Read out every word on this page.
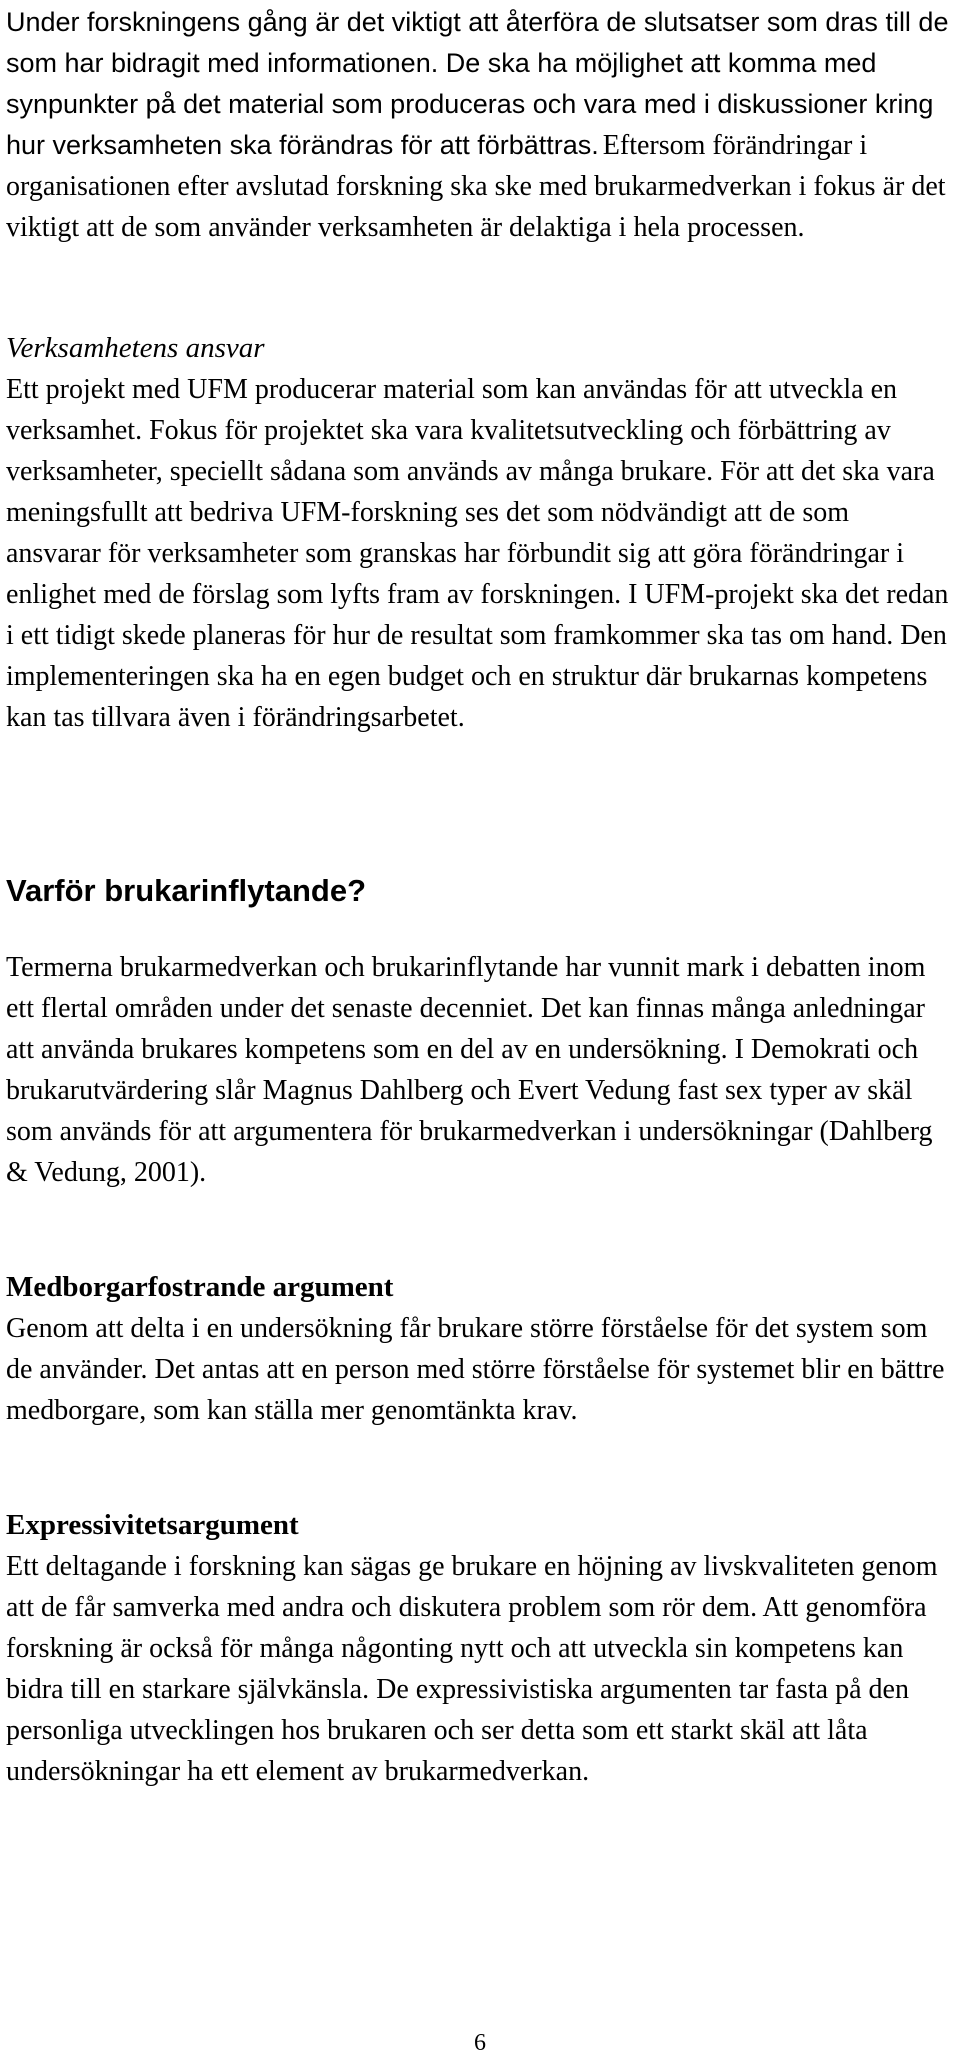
Under forskningens gång är det viktigt att återföra de slutsatser som dras till de som har bidragit med informationen. De ska ha möjlighet att komma med synpunkter på det material som produceras och vara med i diskussioner kring hur verksamheten ska förändras för att förbättras. Eftersom förändringar i organisationen efter avslutad forskning ska ske med brukarmedverkan i fokus är det viktigt att de som använder verksamheten är delaktiga i hela processen.

Verksamhetens ansvar

Ett projekt med UFM producerar material som kan användas för att utveckla en verksamhet. Fokus för projektet ska vara kvalitetsutveckling och förbättring av verksamheter, speciellt sådana som används av många brukare. För att det ska vara meningsfullt att bedriva UFM-forskning ses det som nödvändigt att de som ansvarar för verksamheter som granskas har förbundit sig att göra förändringar i enlighet med de förslag som lyfts fram av forskningen. I UFM-projekt ska det redan i ett tidigt skede planeras för hur de resultat som framkommer ska tas om hand. Den implementeringen ska ha en egen budget och en struktur där brukarnas kompetens kan tas tillvara även i förändringsarbetet.

Varför brukarinflytande?

Termerna brukarmedverkan och brukarinflytande har vunnit mark i debatten inom ett flertal områden under det senaste decenniet. Det kan finnas många anledningar att använda brukares kompetens som en del av en undersökning. I Demokrati och brukarutvärdering slår Magnus Dahlberg och Evert Vedung fast sex typer av skäl som används för att argumentera för brukarmedverkan i undersökningar (Dahlberg & Vedung, 2001).

Medborgarfostrande argument

Genom att delta i en undersökning får brukare större förståelse för det system som de använder. Det antas att en person med större förståelse för systemet blir en bättre medborgare, som kan ställa mer genomtänkta krav.

Expressivitetsargument

Ett deltagande i forskning kan sägas ge brukare en höjning av livskvaliteten genom att de får samverka med andra och diskutera problem som rör dem. Att genomföra forskning är också för många någonting nytt och att utveckla sin kompetens kan bidra till en starkare självkänsla. De expressivistiska argumenten tar fasta på den personliga utvecklingen hos brukaren och ser detta som ett starkt skäl att låta undersökningar ha ett element av brukarmedverkan.

6
